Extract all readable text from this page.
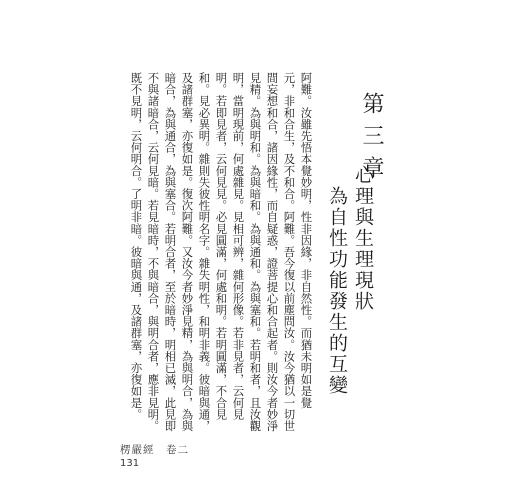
第三章
心理與生理現狀
為自性功能發生的互變
阿難。汝雖先悟本覺妙明，性非因緣，非自然性。而猶未明如是覺
元，非和合生，及不和合。阿難。吾今復以前塵問汝。汝今猶以一切世
間妄想和合，諸因緣性，而自疑惑，證菩提心和合起者。則汝今者妙淨
見精。為與明和。為與暗和。為與通和。為與塞和。若明和者，且汝觀
明，當明現前，何處雜見。見相可辨，雜何形像。若非見者，云何見
明。若即見者，云何見見。必見圓滿，何處和明。若明圓滿，不合見
和。見必異明。雜則失彼性明名字。雜失明性，和明非義。彼暗與通，
及諸群塞，亦復如是。復次阿難。又汝今者妙淨見精，為與明合，為與
暗合，為與通合，為與塞合。若明合者，至於暗時，明相已滅，此見即
不與諸暗合，云何見暗。若見暗時，不與暗合，與明合者，應非見明。
既不見明，云何明合。了明非暗。彼暗與通，及諸群塞，亦復如是。
楞嚴經　卷二
131
